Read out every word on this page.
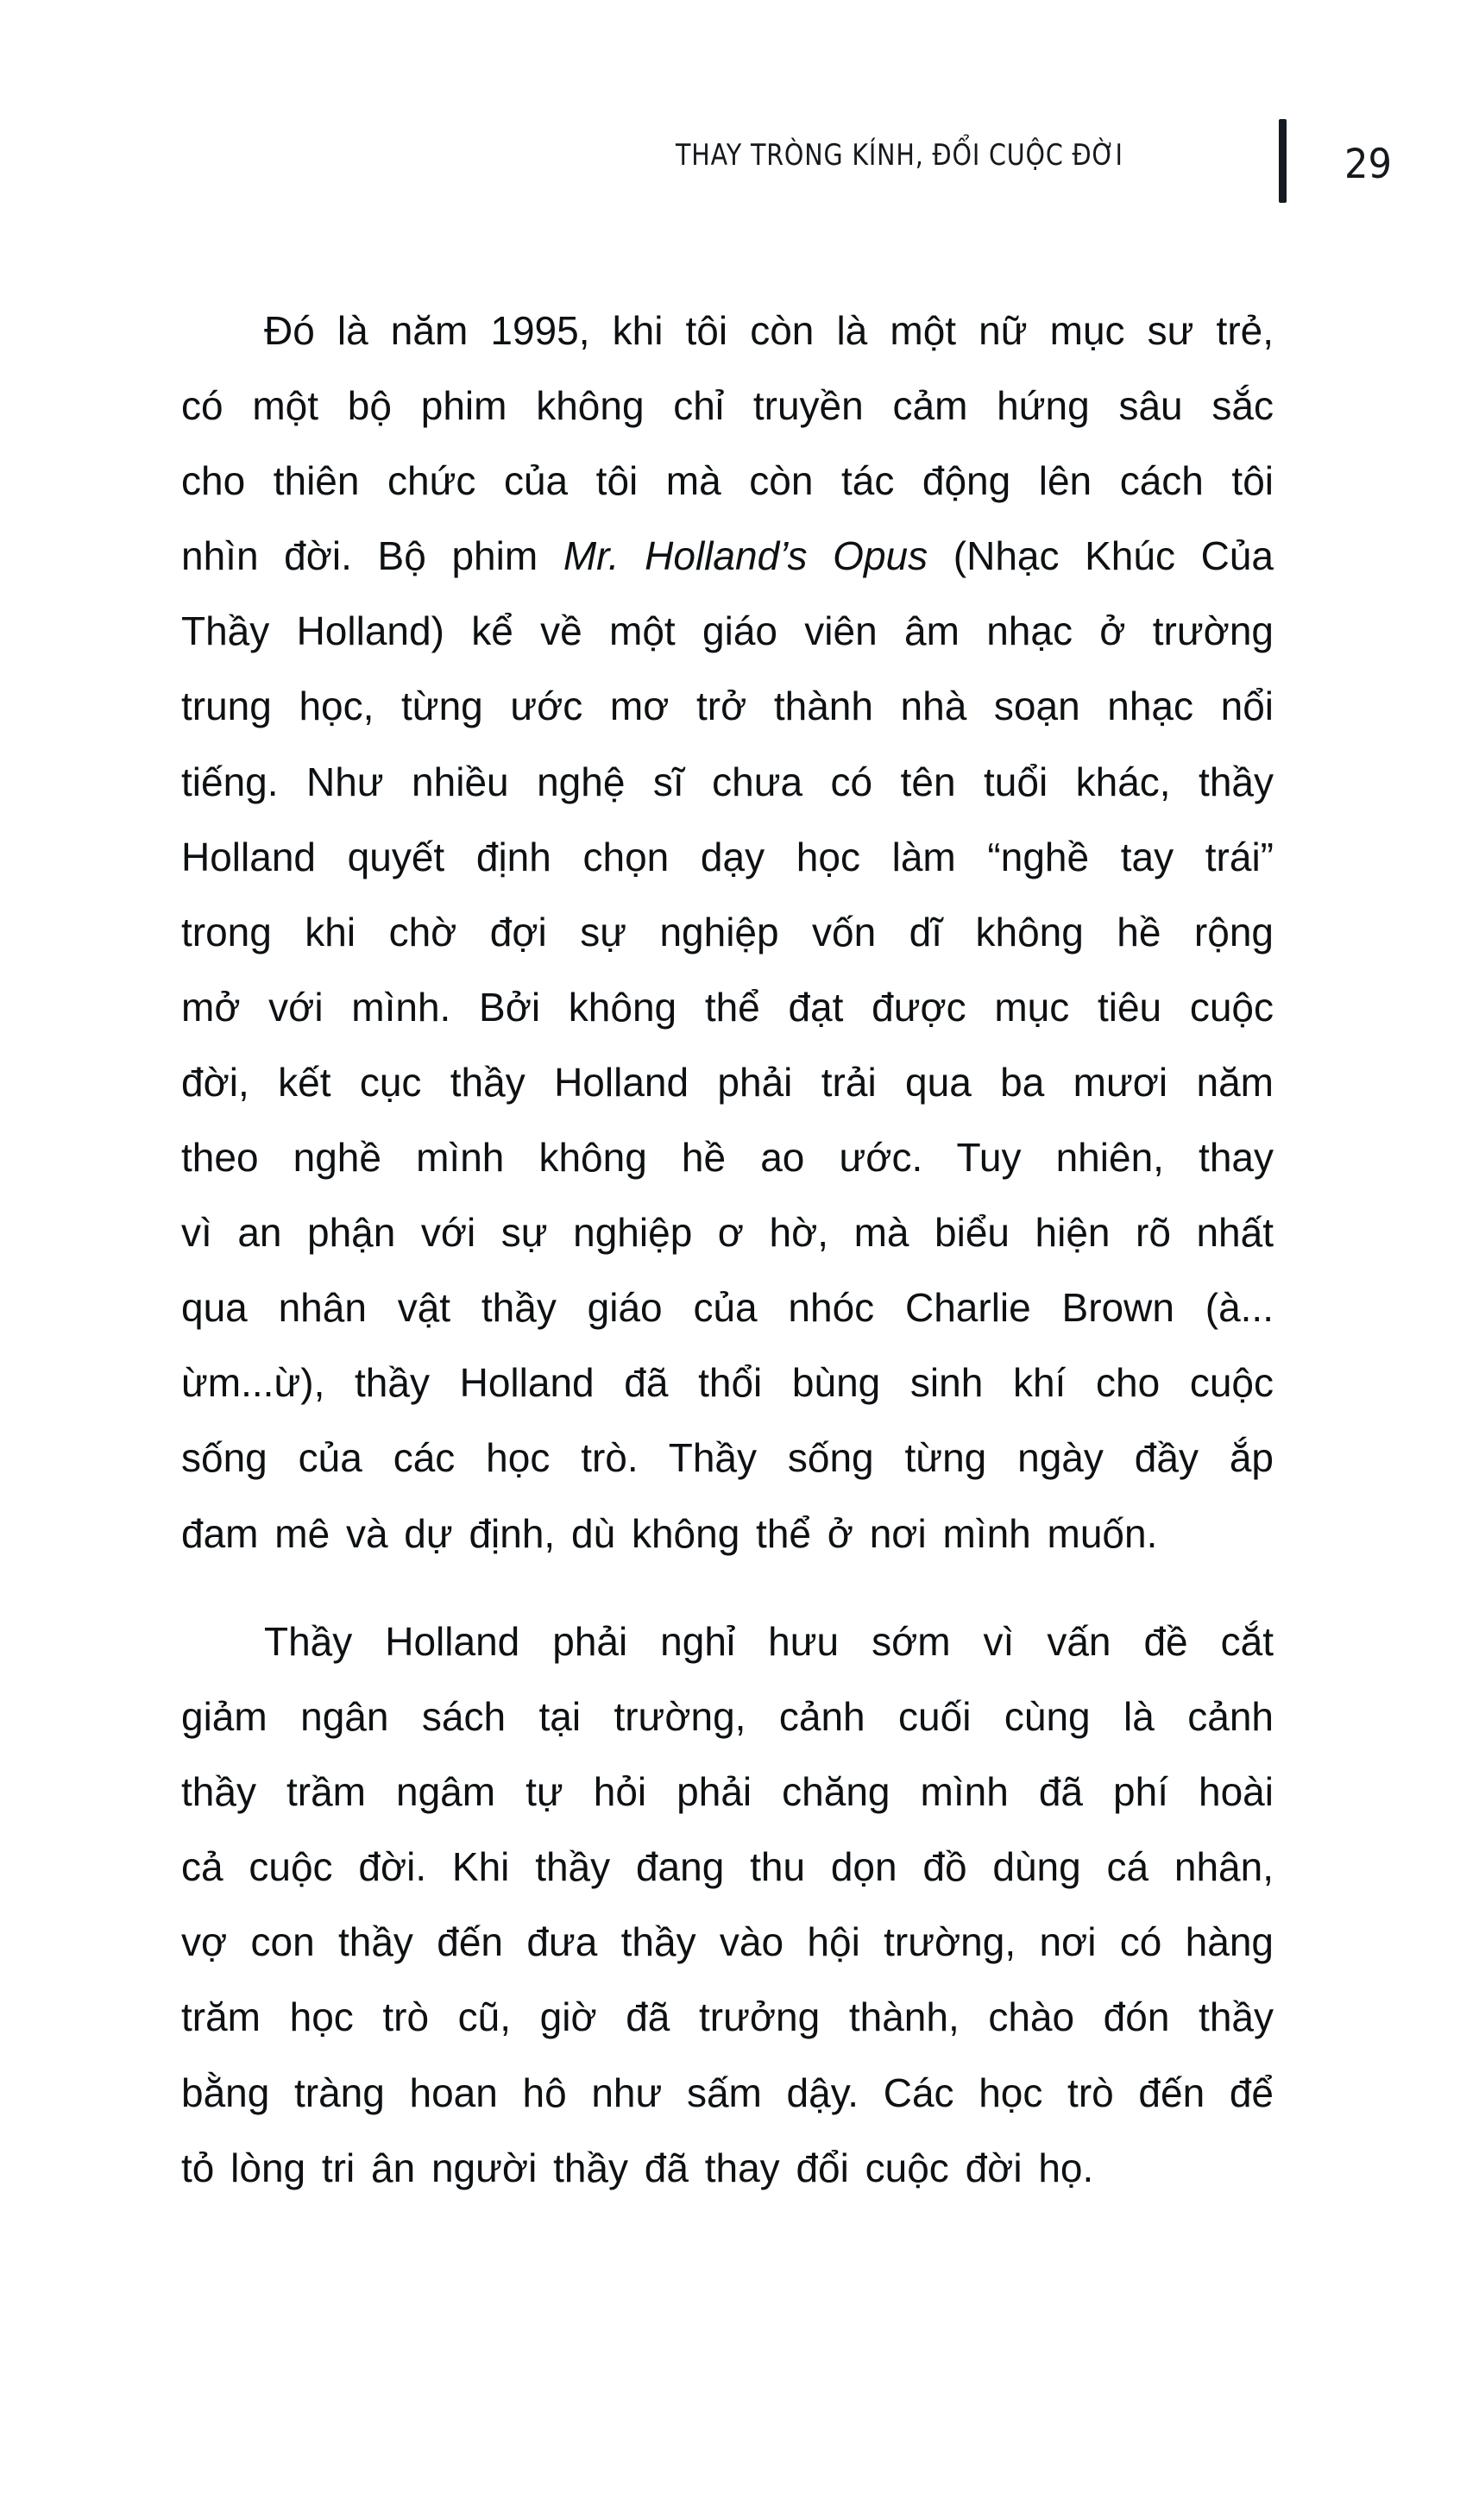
THAY TRÒNG KÍNH, ĐỔI CUỘC ĐỜI	29
Đó là năm 1995, khi tôi còn là một nữ mục sư trẻ,
có một bộ phim không chỉ truyền cảm hứng sâu sắc
cho thiên chức của tôi mà còn tác động lên cách tôi
nhìn đời. Bộ phim Mr. Holland’s Opus (Nhạc Khúc Của
Thầy Holland) kể về một giáo viên âm nhạc ở trường
trung học, từng ước mơ trở thành nhà soạn nhạc nổi
tiếng. Như nhiều nghệ sĩ chưa có tên tuổi khác, thầy
Holland quyết định chọn dạy học làm “nghề tay trái”
trong khi chờ đợi sự nghiệp vốn dĩ không hề rộng
mở với mình. Bởi không thể đạt được mục tiêu cuộc
đời, kết cục thầy Holland phải trải qua ba mươi năm
theo nghề mình không hề ao ước. Tuy nhiên, thay
vì an phận với sự nghiệp ơ hờ, mà biểu hiện rõ nhất
qua nhân vật thầy giáo của nhóc Charlie Brown (à...
ừm...ừ), thầy Holland đã thổi bùng sinh khí cho cuộc
sống của các học trò. Thầy sống từng ngày đầy ắp
đam mê và dự định, dù không thể ở nơi mình muốn.
Thầy Holland phải nghỉ hưu sớm vì vấn đề cắt
giảm ngân sách tại trường, cảnh cuối cùng là cảnh
thầy trầm ngâm tự hỏi phải chăng mình đã phí hoài
cả cuộc đời. Khi thầy đang thu dọn đồ dùng cá nhân,
vợ con thầy đến đưa thầy vào hội trường, nơi có hàng
trăm học trò cũ, giờ đã trưởng thành, chào đón thầy
bằng tràng hoan hô như sấm dậy. Các học trò đến để
tỏ lòng tri ân người thầy đã thay đổi cuộc đời họ.
